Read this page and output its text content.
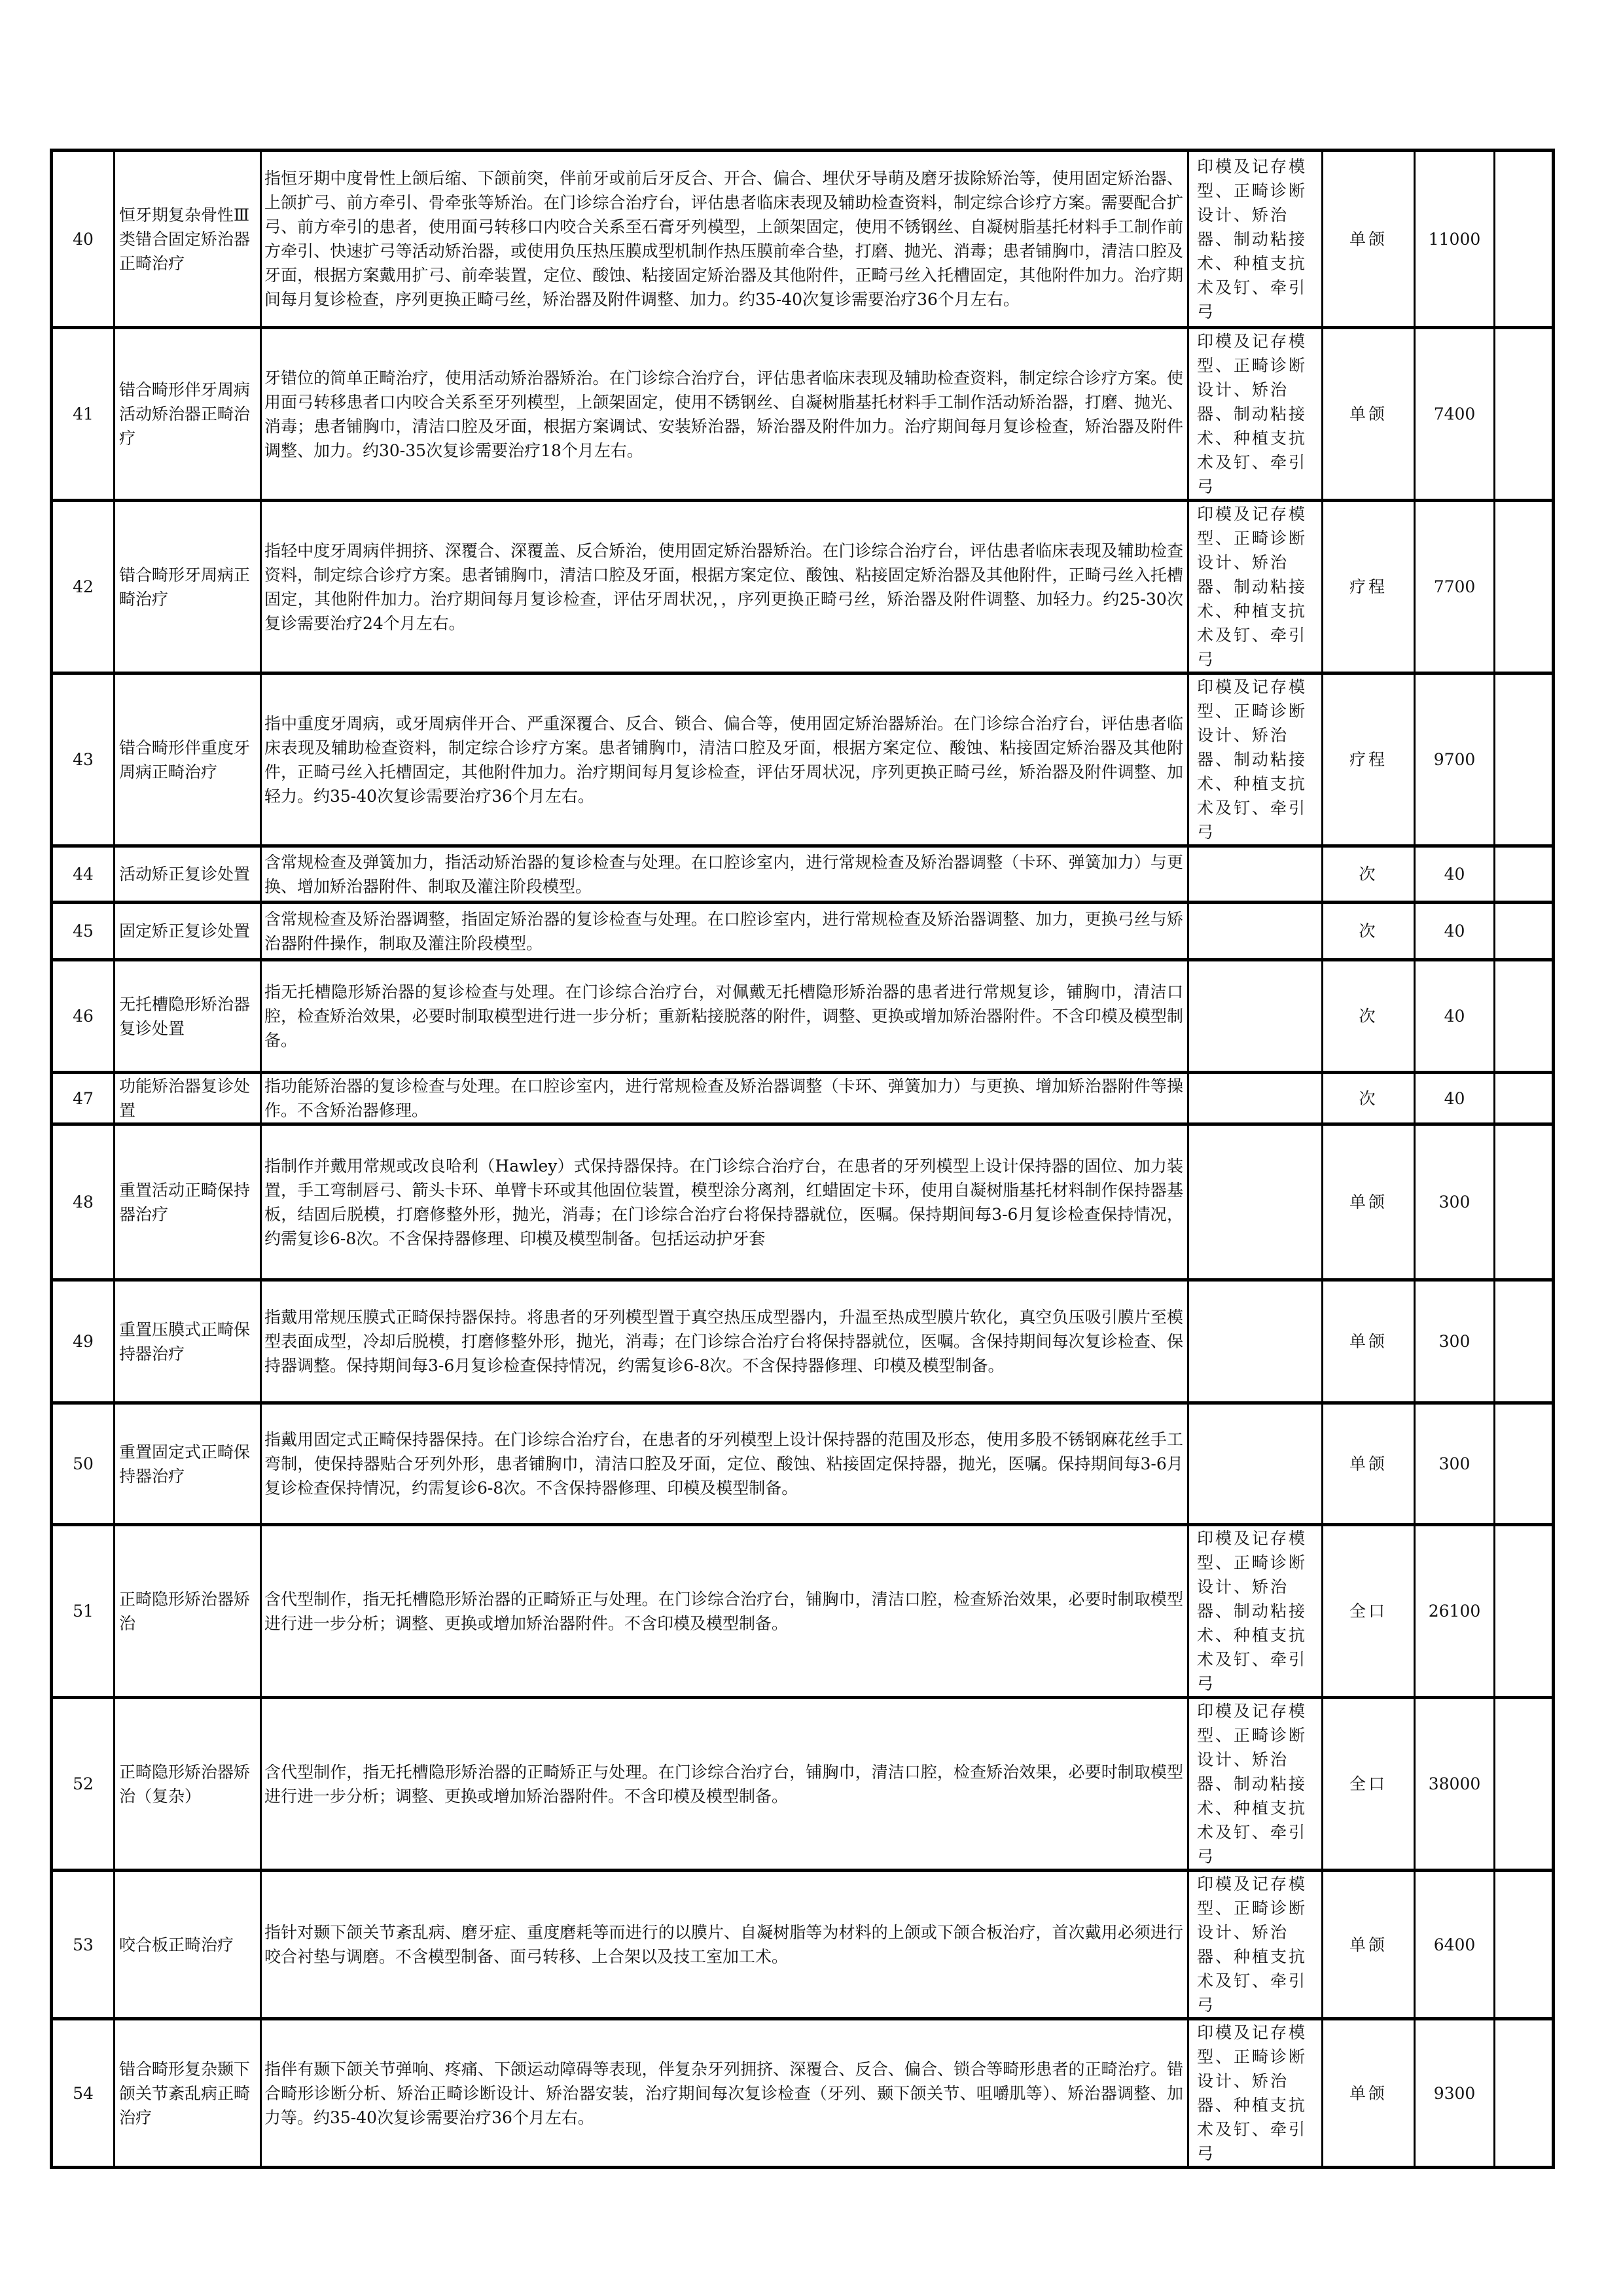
40	恒牙期复杂骨性Ⅲ类错合固定矫治器正畸治疗	指恒牙期中度骨性上颌后缩、下颌前突，伴前牙或前后牙反合、开合、偏合、埋伏牙导萌及磨牙拔除矫治等，使用固定矫治器、上颌扩弓、前方牵引、骨牵张等矫治。在门诊综合治疗台，评估患者临床表现及辅助检查资料，制定综合诊疗方案。需要配合扩弓、前方牵引的患者，使用面弓转移口内咬合关系至石膏牙列模型，上颌架固定，使用不锈钢丝、自凝树脂基托材料手工制作前方牵引、快速扩弓等活动矫治器，或使用负压热压膜成型机制作热压膜前牵合垫，打磨、抛光、消毒；患者铺胸巾，清洁口腔及牙面，根据方案戴用扩弓、前牵装置，定位、酸蚀、粘接固定矫治器及其他附件，正畸弓丝入托槽固定，其他附件加力。治疗期间每月复诊检查，序列更换正畸弓丝，矫治器及附件调整、加力。约35-40次复诊需要治疗36个月左右。	印模及记存模型、正畸诊断设计、矫治器、制动粘接术、种植支抗术及钉、牵引弓	单颌	11000	
41	错合畸形伴牙周病活动矫治器正畸治疗	牙错位的简单正畸治疗，使用活动矫治器矫治。在门诊综合治疗台，评估患者临床表现及辅助检查资料，制定综合诊疗方案。使用面弓转移患者口内咬合关系至牙列模型，上颌架固定，使用不锈钢丝、自凝树脂基托材料手工制作活动矫治器，打磨、抛光、消毒；患者铺胸巾，清洁口腔及牙面，根据方案调试、安装矫治器，矫治器及附件加力。治疗期间每月复诊检查，矫治器及附件调整、加力。约30-35次复诊需要治疗18个月左右。	印模及记存模型、正畸诊断设计、矫治器、制动粘接术、种植支抗术及钉、牵引弓	单颌	7400	
42	错合畸形牙周病正畸治疗	指轻中度牙周病伴拥挤、深覆合、深覆盖、反合矫治，使用固定矫治器矫治。在门诊综合治疗台，评估患者临床表现及辅助检查资料，制定综合诊疗方案。患者铺胸巾，清洁口腔及牙面，根据方案定位、酸蚀、粘接固定矫治器及其他附件，正畸弓丝入托槽固定，其他附件加力。治疗期间每月复诊检查，评估牙周状况，，序列更换正畸弓丝，矫治器及附件调整、加轻力。约25-30次复诊需要治疗24个月左右。	印模及记存模型、正畸诊断设计、矫治器、制动粘接术、种植支抗术及钉、牵引弓	疗程	7700	
43	错合畸形伴重度牙周病正畸治疗	指中重度牙周病，或牙周病伴开合、严重深覆合、反合、锁合、偏合等，使用固定矫治器矫治。在门诊综合治疗台，评估患者临床表现及辅助检查资料，制定综合诊疗方案。患者铺胸巾，清洁口腔及牙面，根据方案定位、酸蚀、粘接固定矫治器及其他附件，正畸弓丝入托槽固定，其他附件加力。治疗期间每月复诊检查，评估牙周状况，序列更换正畸弓丝，矫治器及附件调整、加轻力。约35-40次复诊需要治疗36个月左右。	印模及记存模型、正畸诊断设计、矫治器、制动粘接术、种植支抗术及钉、牵引弓	疗程	9700	
44	活动矫正复诊处置	含常规检查及弹簧加力，指活动矫治器的复诊检查与处理。在口腔诊室内，进行常规检查及矫治器调整（卡环、弹簧加力）与更换、增加矫治器附件、制取及灌注阶段模型。		次	40	
45	固定矫正复诊处置	含常规检查及矫治器调整，指固定矫治器的复诊检查与处理。在口腔诊室内，进行常规检查及矫治器调整、加力，更换弓丝与矫治器附件操作，制取及灌注阶段模型。		次	40	
46	无托槽隐形矫治器复诊处置	指无托槽隐形矫治器的复诊检查与处理。在门诊综合治疗台，对佩戴无托槽隐形矫治器的患者进行常规复诊，铺胸巾，清洁口腔，检查矫治效果，必要时制取模型进行进一步分析；重新粘接脱落的附件，调整、更换或增加矫治器附件。不含印模及模型制备。		次	40	
47	功能矫治器复诊处置	指功能矫治器的复诊检查与处理。在口腔诊室内，进行常规检查及矫治器调整（卡环、弹簧加力）与更换、增加矫治器附件等操作。不含矫治器修理。		次	40	
48	重置活动正畸保持器治疗	指制作并戴用常规或改良哈利（Hawley）式保持器保持。在门诊综合治疗台，在患者的牙列模型上设计保持器的固位、加力装置，手工弯制唇弓、箭头卡环、单臂卡环或其他固位装置，模型涂分离剂，红蜡固定卡环，使用自凝树脂基托材料制作保持器基板，结固后脱模，打磨修整外形，抛光，消毒；在门诊综合治疗台将保持器就位，医嘱。保持期间每3-6月复诊检查保持情况，约需复诊6-8次。不含保持器修理、印模及模型制备。包括运动护牙套		单颌	300	
49	重置压膜式正畸保持器治疗	指戴用常规压膜式正畸保持器保持。将患者的牙列模型置于真空热压成型器内，升温至热成型膜片软化，真空负压吸引膜片至模型表面成型，冷却后脱模，打磨修整外形，抛光，消毒；在门诊综合治疗台将保持器就位，医嘱。含保持期间每次复诊检查、保持器调整。保持期间每3-6月复诊检查保持情况，约需复诊6-8次。不含保持器修理、印模及模型制备。		单颌	300	
50	重置固定式正畸保持器治疗	指戴用固定式正畸保持器保持。在门诊综合治疗台，在患者的牙列模型上设计保持器的范围及形态，使用多股不锈钢麻花丝手工弯制，使保持器贴合牙列外形，患者铺胸巾，清洁口腔及牙面，定位、酸蚀、粘接固定保持器，抛光，医嘱。保持期间每3-6月复诊检查保持情况，约需复诊6-8次。不含保持器修理、印模及模型制备。		单颌	300	
51	正畸隐形矫治器矫治	含代型制作，指无托槽隐形矫治器的正畸矫正与处理。在门诊综合治疗台，铺胸巾，清洁口腔，检查矫治效果，必要时制取模型进行进一步分析；调整、更换或增加矫治器附件。不含印模及模型制备。	印模及记存模型、正畸诊断设计、矫治器、制动粘接术、种植支抗术及钉、牵引弓	全口	26100	
52	正畸隐形矫治器矫治（复杂）	含代型制作，指无托槽隐形矫治器的正畸矫正与处理。在门诊综合治疗台，铺胸巾，清洁口腔，检查矫治效果，必要时制取模型进行进一步分析；调整、更换或增加矫治器附件。不含印模及模型制备。	印模及记存模型、正畸诊断设计、矫治器、制动粘接术、种植支抗术及钉、牵引弓	全口	38000	
53	咬合板正畸治疗	指针对颞下颌关节紊乱病、磨牙症、重度磨耗等而进行的以膜片、自凝树脂等为材料的上颌或下颌合板治疗，首次戴用必须进行咬合衬垫与调磨。不含模型制备、面弓转移、上合架以及技工室加工术。	印模及记存模型、正畸诊断设计、矫治器、种植支抗术及钉、牵引弓	单颌	6400	
54	错合畸形复杂颞下颌关节紊乱病正畸治疗	指伴有颞下颌关节弹响、疼痛、下颌运动障碍等表现，伴复杂牙列拥挤、深覆合、反合、偏合、锁合等畸形患者的正畸治疗。错合畸形诊断分析、矫治正畸诊断设计、矫治器安装，治疗期间每次复诊检查（牙列、颞下颌关节、咀嚼肌等）、矫治器调整、加力等。约35-40次复诊需要治疗36个月左右。	印模及记存模型、正畸诊断设计、矫治器、种植支抗术及钉、牵引弓	单颌	9300	
